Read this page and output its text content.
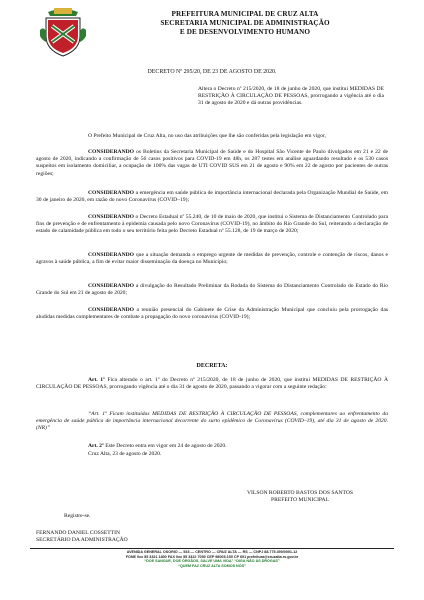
PREFEITURA MUNICIPAL DE CRUZ ALTA
SECRETARIA MUNICIPAL DE ADMINISTRAÇÃO
E DE DESENVOLVIMENTO HUMANO
DECRETO Nº 295/20, DE 23 DE AGOSTO DE 2020.
Altera o Decreto nº 215/2020, de 18 de junho de 2020, que institui MEDIDAS DE RESTRIÇÃO À CIRCULAÇÃO DE PESSOAS, prorrogando a vigência até o dia 31 de agosto de 2020 e dá outras providências.
O Prefeito Municipal de Cruz Alta, no uso das atribuições que lhe são conferidas pela legislação em vigor,
CONSIDERANDO os Boletins da Secretaria Municipal de Saúde e do Hospital São Vicente de Paulo divulgados em 21 e 22 de agosto de 2020, indicando a confirmação de 56 casos positivos para COVID-19 em 48h, os 287 testes em análise aguardando resultado e os 530 casos suspeitos em isolamento domiciliar, a ocupação de 100% das vagas de UTI COVID SUS em 21 de agosto e 90% em 22 de agosto por pacientes de outras regiões;
CONSIDERANDO a emergência em saúde pública de importância internacional declarada pela Organização Mundial de Saúde, em 30 de janeiro de 2020, em razão do novo Coronavírus (COVID–19);
CONSIDERANDO o Decreto Estadual nº 55.240, de 10 de maio de 2020, que institui o Sistema de Distanciamento Controlado para fins de prevenção e de enfrentamento à epidemia causada pelo novo Coronavírus (COVID-19), no âmbito do Rio Grande do Sul, reiterando a declaração de estado de calamidade pública em todo o seu território feita pelo Decreto Estadual nº 55.128, de 19 de março de 2020;
CONSIDERANDO que a situação demanda o emprego urgente de medidas de prevenção, controle e contenção de riscos, danos e agravos à saúde pública, a fim de evitar maior disseminação da doença no Município;
CONSIDERANDO a divulgação do Resultado Preliminar da Rodada do Sistema do Distanciamento Controlado do Estado do Rio Grande do Sul em 21 de agosto de 2020;
CONSIDERANDO a reunião presencial do Gabinete de Crise da Administração Municipal que concluiu pela prorrogação das aludidas medidas complementares de combate a propagação do novo coronavírus (COVID-19);
DECRETA:
Art. 1º Fica alterado o art. 1º do Decreto nº 215/2020, de 18 de junho de 2020, que institui MEDIDAS DE RESTRIÇÃO À CIRCULAÇÃO DE PESSOAS, prorrogando vigência até o dia 31 de agosto de 2020, passando a vigorar com a seguinte redação:
“Art. 1º Ficam instituídas MEDIDAS DE RESTRIÇÃO À CIRCULAÇÃO DE PESSOAS, complementares ao enfrentamento da emergência de saúde pública de importância internacional decorrente do surto epidêmico de Coronavírus (COVID–19), até dia 31 de agosto de 2020. (NR)”
Art. 2º Este Decreto entra em vigor em 24 de agosto de 2020.
Cruz Alta, 23 de agosto de 2020.
VILSON ROBERTO BASTOS DOS SANTOS
PREFEITO MUNICIPAL
Registre-se.
FERNANDO DANIEL COSSETTIN
SECRETÁRIO DA ADMINISTRAÇÃO
AVENIDA GENERAL OSORIO — 533 — CENTRO — CRUZ ALTA — RS — CNPJ 88.775.390/0001-12
FONE 0xx 55 3321 1800 FAX 0xx 55 3322 7050 CEP 98005-150 CP 691 prefeitura@cruzalta.rs.gov.br
“DOE SANGUE, DOE ÓRGÃOS, SALVE UMA VIDA” “DIGA NÃO ÀS DROGAS”
“QUEM FAZ CRUZ ALTA SOMOS NÓS”
